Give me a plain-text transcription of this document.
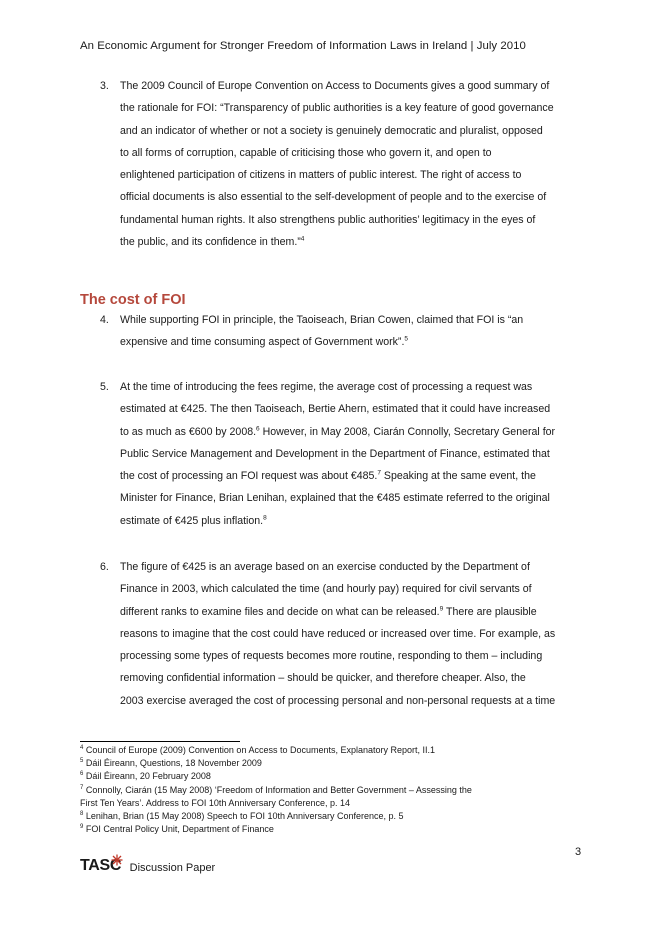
An Economic Argument for Stronger Freedom of Information Laws in Ireland | July 2010
3.	The 2009 Council of Europe Convention on Access to Documents gives a good summary of
the rationale for FOI: “Transparency of public authorities is a key feature of good governance
and an indicator of whether or not a society is genuinely democratic and pluralist, opposed
to all forms of corruption, capable of criticising those who govern it, and open to
enlightened participation of citizens in matters of public interest. The right of access to
official documents is also essential to the self-development of people and to the exercise of
fundamental human rights. It also strengthens public authorities’ legitimacy in the eyes of
the public, and its confidence in them.”$^4$
The cost of FOI
4.	While supporting FOI in principle, the Taoiseach, Brian Cowen, claimed that FOI is “an
expensive and time consuming aspect of Government work”.$^5$
5.	At the time of introducing the fees regime, the average cost of processing a request was
estimated at €425. The then Taoiseach, Bertie Ahern, estimated that it could have increased
to as much as €600 by 2008.$^6$ However, in May 2008, Ciarán Connolly, Secretary General for
Public Service Management and Development in the Department of Finance, estimated that
the cost of processing an FOI request was about €485.$^7$ Speaking at the same event, the
Minister for Finance, Brian Lenihan, explained that the €485 estimate referred to the original
estimate of €425 plus inflation.$^8$
6.	The figure of €425 is an average based on an exercise conducted by the Department of
Finance in 2003, which calculated the time (and hourly pay) required for civil servants of
different ranks to examine files and decide on what can be released.$^9$ There are plausible
reasons to imagine that the cost could have reduced or increased over time. For example, as
processing some types of requests becomes more routine, responding to them – including
removing confidential information – should be quicker, and therefore cheaper. Also, the
2003 exercise averaged the cost of processing personal and non-personal requests at a time
$^4$ Council of Europe (2009) Convention on Access to Documents, Explanatory Report, II.1
$^5$ Dáil Éireann, Questions, 18 November 2009
$^6$ Dáil Éireann, 20 February 2008
$^7$ Connolly, Ciarán (15 May 2008) ‘Freedom of Information and Better Government – Assessing the
First Ten Years’. Address to FOI 10th Anniversary Conference, p. 14
$^8$ Lenihan, Brian (15 May 2008) Speech to FOI 10th Anniversary Conference, p. 5
$^9$ FOI Central Policy Unit, Department of Finance
3
TASC Discussion Paper
